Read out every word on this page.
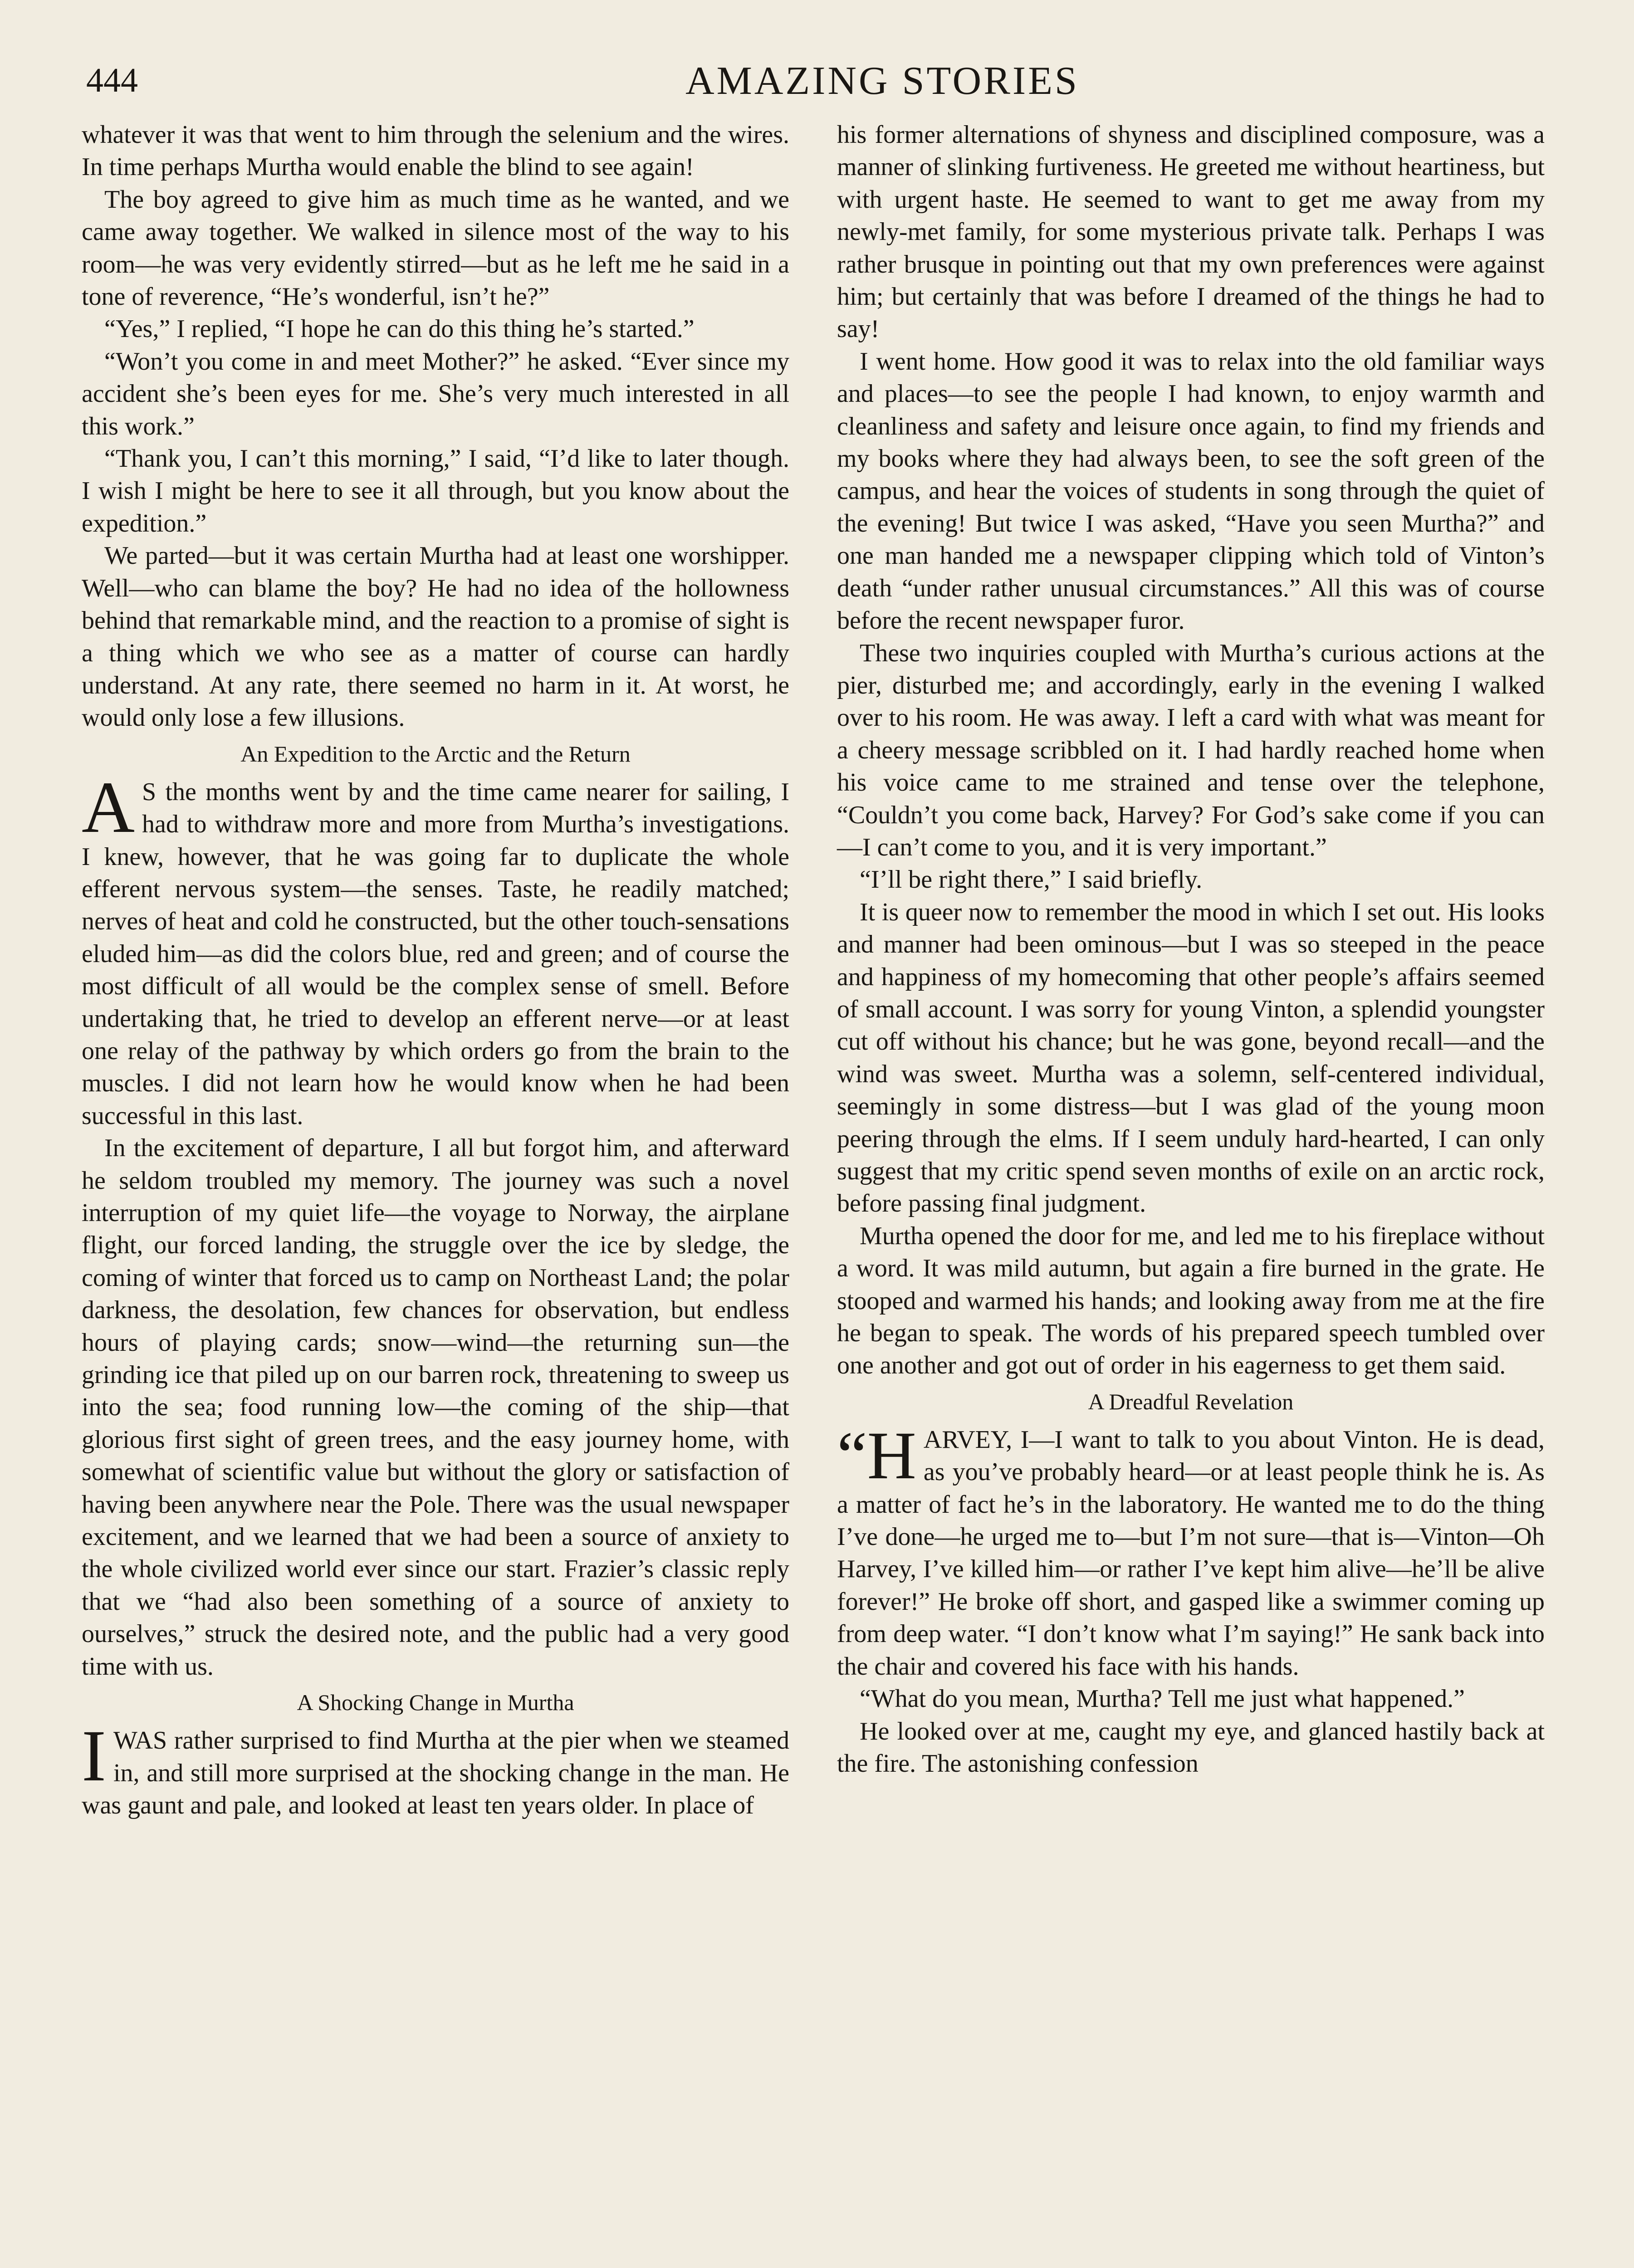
444	AMAZING STORIES

whatever it was that went to him through the selenium and the wires. In time perhaps Murtha would enable the blind to see again!

The boy agreed to give him as much time as he wanted, and we came away together. We walked in silence most of the way to his room—he was very evidently stirred—but as he left me he said in a tone of reverence, “He’s wonderful, isn’t he?”

“Yes,” I replied, “I hope he can do this thing he’s started.”

“Won’t you come in and meet Mother?” he asked. “Ever since my accident she’s been eyes for me. She’s very much interested in all this work.”

“Thank you, I can’t this morning,” I said, “I’d like to later though. I wish I might be here to see it all through, but you know about the expedition.”

We parted—but it was certain Murtha had at least one worshipper. Well—who can blame the boy? He had no idea of the hollowness behind that remarkable mind, and the reaction to a promise of sight is a thing which we who see as a matter of course can hardly understand. At any rate, there seemed no harm in it. At worst, he would only lose a few illusions.

An Expedition to the Arctic and the Return

A S the months went by and the time came nearer for sailing, I had to withdraw more and more from Murtha’s investigations. I knew, however, that he was going far to duplicate the whole efferent nervous system—the senses. Taste, he readily matched; nerves of heat and cold he constructed, but the other touch-sensations eluded him—as did the colors blue, red and green; and of course the most difficult of all would be the complex sense of smell. Before undertaking that, he tried to develop an efferent nerve—or at least one relay of the pathway by which orders go from the brain to the muscles. I did not learn how he would know when he had been successful in this last.

In the excitement of departure, I all but forgot him, and afterward he seldom troubled my memory. The journey was such a novel interruption of my quiet life—the voyage to Norway, the airplane flight, our forced landing, the struggle over the ice by sledge, the coming of winter that forced us to camp on Northeast Land; the polar darkness, the desolation, few chances for observation, but endless hours of playing cards; snow—wind—the returning sun—the grinding ice that piled up on our barren rock, threatening to sweep us into the sea; food running low—the coming of the ship—that glorious first sight of green trees, and the easy journey home, with somewhat of scientific value but without the glory or satisfaction of having been anywhere near the Pole. There was the usual newspaper excitement, and we learned that we had been a source of anxiety to the whole civilized world ever since our start. Frazier’s classic reply that we “had also been something of a source of anxiety to ourselves,” struck the desired note, and the public had a very good time with us.

A Shocking Change in Murtha

I WAS rather surprised to find Murtha at the pier when we steamed in, and still more surprised at the shocking change in the man. He was gaunt and pale, and looked at least ten years older. In place of

his former alternations of shyness and disciplined composure, was a manner of slinking furtiveness. He greeted me without heartiness, but with urgent haste. He seemed to want to get me away from my newly-met family, for some mysterious private talk. Perhaps I was rather brusque in pointing out that my own preferences were against him; but certainly that was before I dreamed of the things he had to say!

I went home. How good it was to relax into the old familiar ways and places—to see the people I had known, to enjoy warmth and cleanliness and safety and leisure once again, to find my friends and my books where they had always been, to see the soft green of the campus, and hear the voices of students in song through the quiet of the evening! But twice I was asked, “Have you seen Murtha?” and one man handed me a newspaper clipping which told of Vinton’s death “under rather unusual circumstances.” All this was of course before the recent newspaper furor.

These two inquiries coupled with Murtha’s curious actions at the pier, disturbed me; and accordingly, early in the evening I walked over to his room. He was away. I left a card with what was meant for a cheery message scribbled on it. I had hardly reached home when his voice came to me strained and tense over the telephone, “Couldn’t you come back, Harvey? For God’s sake come if you can—I can’t come to you, and it is very important.”

“I’ll be right there,” I said briefly.

It is queer now to remember the mood in which I set out. His looks and manner had been ominous—but I was so steeped in the peace and happiness of my homecoming that other people’s affairs seemed of small account. I was sorry for young Vinton, a splendid youngster cut off without his chance; but he was gone, beyond recall—and the wind was sweet. Murtha was a solemn, self-centered individual, seemingly in some distress—but I was glad of the young moon peering through the elms. If I seem unduly hard-hearted, I can only suggest that my critic spend seven months of exile on an arctic rock, before passing final judgment.

Murtha opened the door for me, and led me to his fireplace without a word. It was mild autumn, but again a fire burned in the grate. He stooped and warmed his hands; and looking away from me at the fire he began to speak. The words of his prepared speech tumbled over one another and got out of order in his eagerness to get them said.

A Dreadful Revelation

“HARVEY, I—I want to talk to you about Vinton. He is dead, as you’ve probably heard—or at least people think he is. As a matter of fact he’s in the laboratory. He wanted me to do the thing I’ve done—he urged me to—but I’m not sure—that is—Vinton—Oh Harvey, I’ve killed him—or rather I’ve kept him alive—he’ll be alive forever!” He broke off short, and gasped like a swimmer coming up from deep water. “I don’t know what I’m saying!” He sank back into the chair and covered his face with his hands.

“What do you mean, Murtha? Tell me just what happened.”

He looked over at me, caught my eye, and glanced hastily back at the fire. The astonishing confession
